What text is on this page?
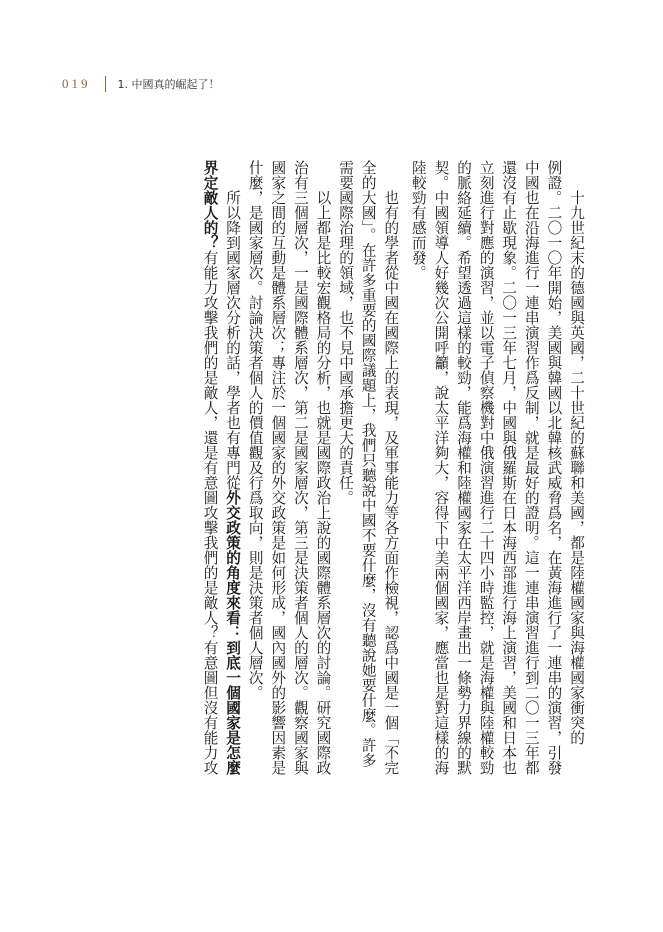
019 1. 中國真的崛起了！
　　十九世紀末的德國與英國，二十世紀的蘇聯和美國，都是陸權國家與海權國家衝突的
例證。二〇一〇年開始，美國與韓國以北韓核武威脅爲名，在黃海進行了一連串的演習，引發
中國也在沿海進行一連串演習作爲反制，就是最好的證明。這一連串演習進行到二〇一三年都
還沒有止歇現象。二〇一三年七月，中國與俄羅斯在日本海西部進行海上演習，美國和日本也
立刻進行對應的演習，並以電子偵察機對中俄演習進行二十四小時監控，就是海權與陸權較勁
的脈絡延續。希望透過這樣的較勁，能爲海權和陸權國家在太平洋西岸畫出一條勢力界線的默
契。中國領導人好幾次公開呼籲，說太平洋夠大，容得下中美兩個國家，應當也是對這樣的海
陸較勁有感而發。
　　也有的學者從中國在國際上的表現，及軍事能力等各方面作檢視，認爲中國是一個「不完
全的大國」。在許多重要的國際議題上，我們只聽說中國不要什麼，沒有聽說她要什麼。許多
需要國際治理的領域，也不見中國承擔更大的責任。
　　以上都是比較宏觀格局的分析，也就是國際政治上說的國際體系層次的討論。研究國際政
治有三個層次，一是國際體系層次，第二是國家層次，第三是決策者個人的層次。觀察國家與
國家之間的互動是體系層次；專注於一個國家的外交政策是如何形成，國內國外的影響因素是
什麼，是國家層次。討論決策者個人的價值觀及行爲取向，則是決策者個人層次。
　　所以降到國家層次分析的話，學者也有專門從外交政策的角度來看：到底一個國家是怎麼
界定敵人的？有能力攻擊我們的是敵人，還是有意圖攻擊我們的是敵人？有意圖但沒有能力攻
